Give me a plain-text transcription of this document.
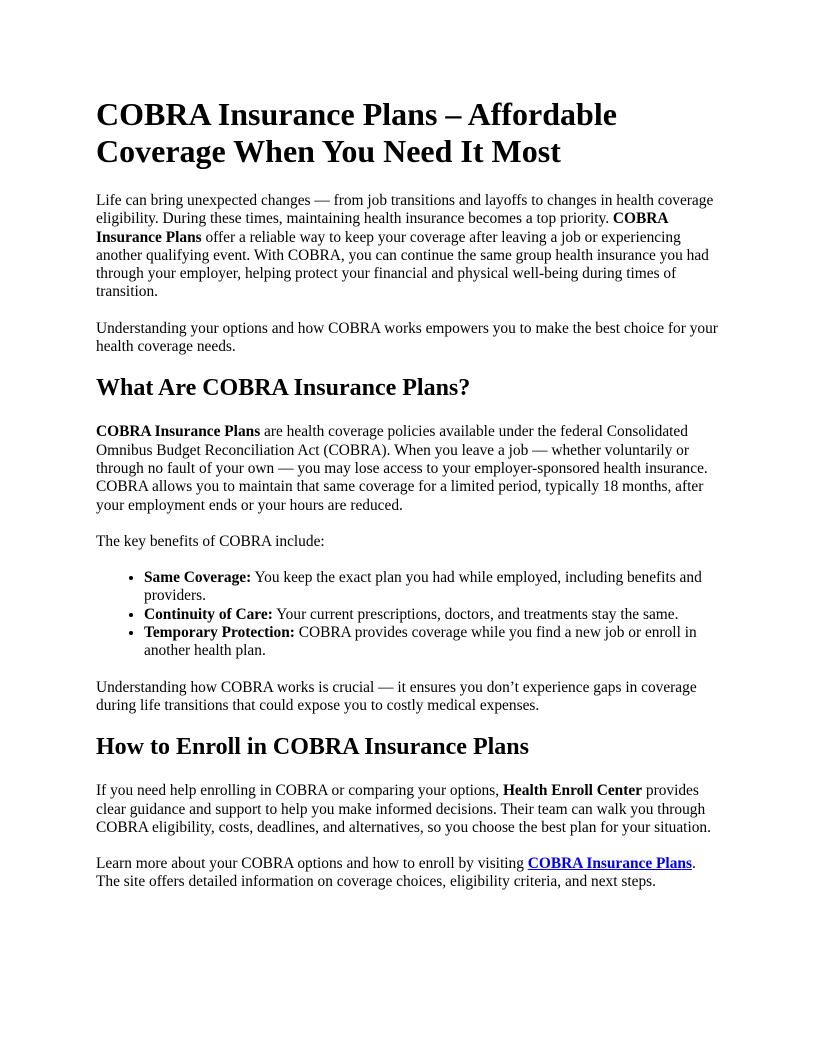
COBRA Insurance Plans – Affordable Coverage When You Need It Most

Life can bring unexpected changes — from job transitions and layoffs to changes in health coverage eligibility. During these times, maintaining health insurance becomes a top priority. COBRA Insurance Plans offer a reliable way to keep your coverage after leaving a job or experiencing another qualifying event. With COBRA, you can continue the same group health insurance you had through your employer, helping protect your financial and physical well-being during times of transition.

Understanding your options and how COBRA works empowers you to make the best choice for your health coverage needs.

What Are COBRA Insurance Plans?

COBRA Insurance Plans are health coverage policies available under the federal Consolidated Omnibus Budget Reconciliation Act (COBRA). When you leave a job — whether voluntarily or through no fault of your own — you may lose access to your employer-sponsored health insurance. COBRA allows you to maintain that same coverage for a limited period, typically 18 months, after your employment ends or your hours are reduced.

The key benefits of COBRA include:

• Same Coverage: You keep the exact plan you had while employed, including benefits and providers.
• Continuity of Care: Your current prescriptions, doctors, and treatments stay the same.
• Temporary Protection: COBRA provides coverage while you find a new job or enroll in another health plan.

Understanding how COBRA works is crucial — it ensures you don’t experience gaps in coverage during life transitions that could expose you to costly medical expenses.

How to Enroll in COBRA Insurance Plans

If you need help enrolling in COBRA or comparing your options, Health Enroll Center provides clear guidance and support to help you make informed decisions. Their team can walk you through COBRA eligibility, costs, deadlines, and alternatives, so you choose the best plan for your situation.

Learn more about your COBRA options and how to enroll by visiting COBRA Insurance Plans. The site offers detailed information on coverage choices, eligibility criteria, and next steps.
